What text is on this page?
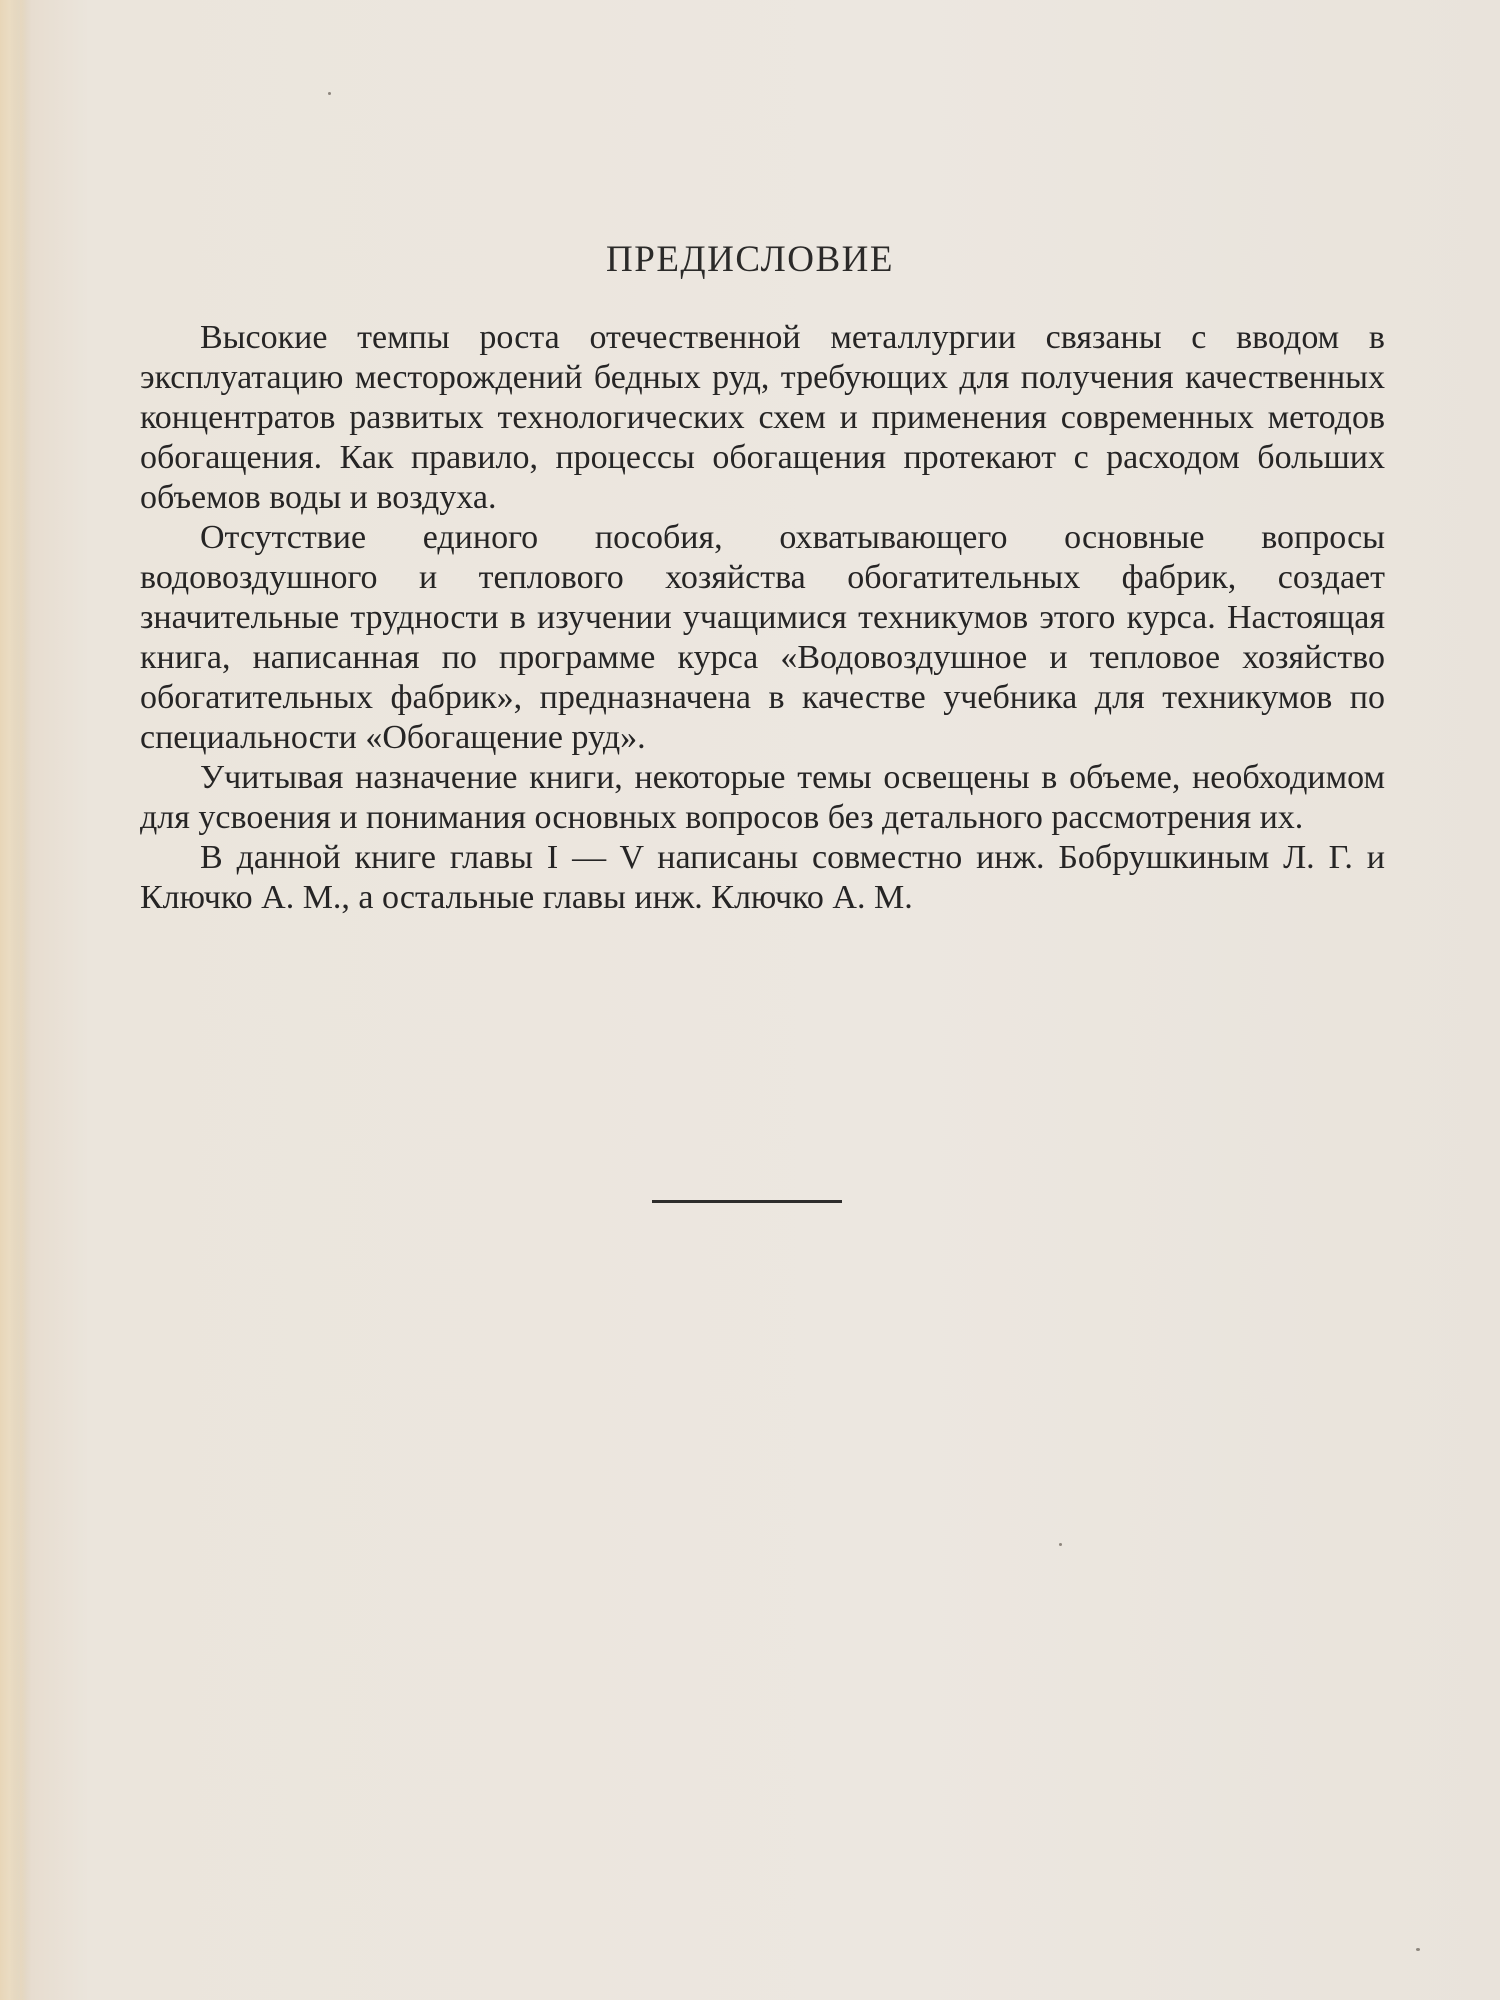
ПРЕДИСЛОВИЕ

Высокие темпы роста отечественной металлургии связаны с вводом в эксплуатацию месторождений бедных руд, требующих для получения качественных концентратов развитых технологических схем и применения современных методов обогащения. Как правило, процессы обогащения протекают с расходом больших объемов воды и воздуха.

Отсутствие единого пособия, охватывающего основные вопросы водовоздушного и теплового хозяйства обогатительных фабрик, создает значительные трудности в изучении учащимися техникумов этого курса. Настоящая книга, написанная по программе курса «Водовоздушное и тепловое хозяйство обогатительных фабрик», предназначена в качестве учебника для техникумов по специальности «Обогащение руд».

Учитывая назначение книги, некоторые темы освещены в объеме, необходимом для усвоения и понимания основных вопросов без детального рассмотрения их.

В данной книге главы I — V написаны совместно инж. Бобрушкиным Л. Г. и Ключко А. М., а остальные главы инж. Ключко А. М.
